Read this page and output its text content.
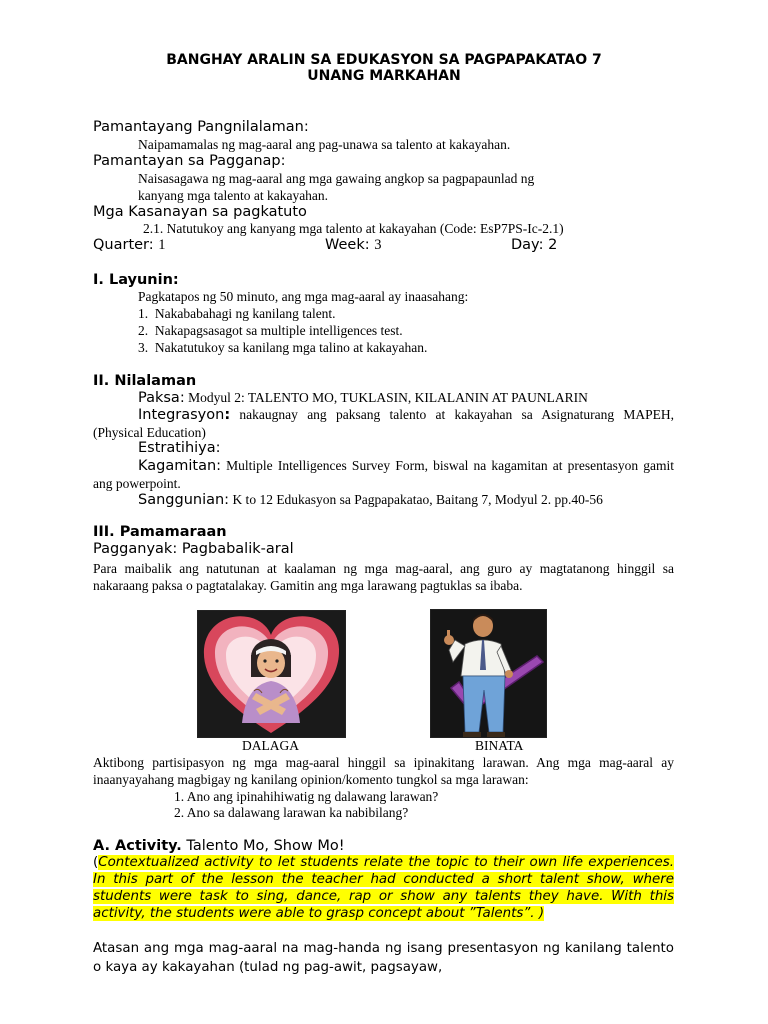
BANGHAY ARALIN SA EDUKASYON SA PAGPAPAKATAO 7
UNANG MARKAHAN
Pamantayang Pangnilalaman:
Naipamamalas ng mag-aaral ang pag-unawa sa talento at kakayahan.
Pamantayan sa Pagganap:
Naisasagawa ng mag-aaral ang mga gawaing angkop sa pagpapaunlad ng
kanyang mga talento at kakayahan.
Mga Kasanayan sa pagkatuto
2.1. Natutukoy ang kanyang mga talento at kakayahan (Code: EsP7PS-Ic-2.1)
Quarter: 1	Week: 3	Day: 2
I. Layunin:
Pagkatapos ng 50 minuto, ang mga mag-aaral ay inaasahang:
1. Nakababahagi ng kanilang talent.
2. Nakapagsasagot sa multiple intelligences test.
3. Nakatutukoy sa kanilang mga talino at kakayahan.
II. Nilalaman
Paksa: Modyul 2: TALENTO MO, TUKLASIN, KILALANIN AT PAUNLARIN
Integrasyon: nakaugnay ang paksang talento at kakayahan sa Asignaturang MAPEH, (Physical Education)
Estratihiya:
Kagamitan: Multiple Intelligences Survey Form, biswal na kagamitan at presentasyon gamit ang powerpoint.
Sanggunian: K to 12 Edukasyon sa Pagpapakatao, Baitang 7, Modyul 2. pp.40-56
III. Pamamaraan
Pagganyak: Pagbabalik-aral
Para maibalik ang natutunan at kaalaman ng mga mag-aaral, ang guro ay magtatanong hinggil sa nakaraang paksa o pagtatalakay. Gamitin ang mga larawang pagtuklas sa ibaba.
DALAGA	BINATA
Aktibong partisipasyon ng mga mag-aaral hinggil sa ipinakitang larawan. Ang mga mag-aaral ay inaanyayahang magbigay ng kanilang opinion/komento tungkol sa mga larawan:
1. Ano ang ipinahihiwatig ng dalawang larawan?
2. Ano sa dalawang larawan ka nabibilang?
A. Activity. Talento Mo, Show Mo!
(Contextualized activity to let students relate the topic to their own life experiences. In this part of the lesson the teacher had conducted a short talent show, where students were task to sing, dance, rap or show any talents they have. With this activity, the students were able to grasp concept about ”Talents”. )
Atasan ang mga mag-aaral na mag-handa ng isang presentasyon ng kanilang talento o kaya ay kakayahan (tulad ng pag-awit, pagsayaw,
